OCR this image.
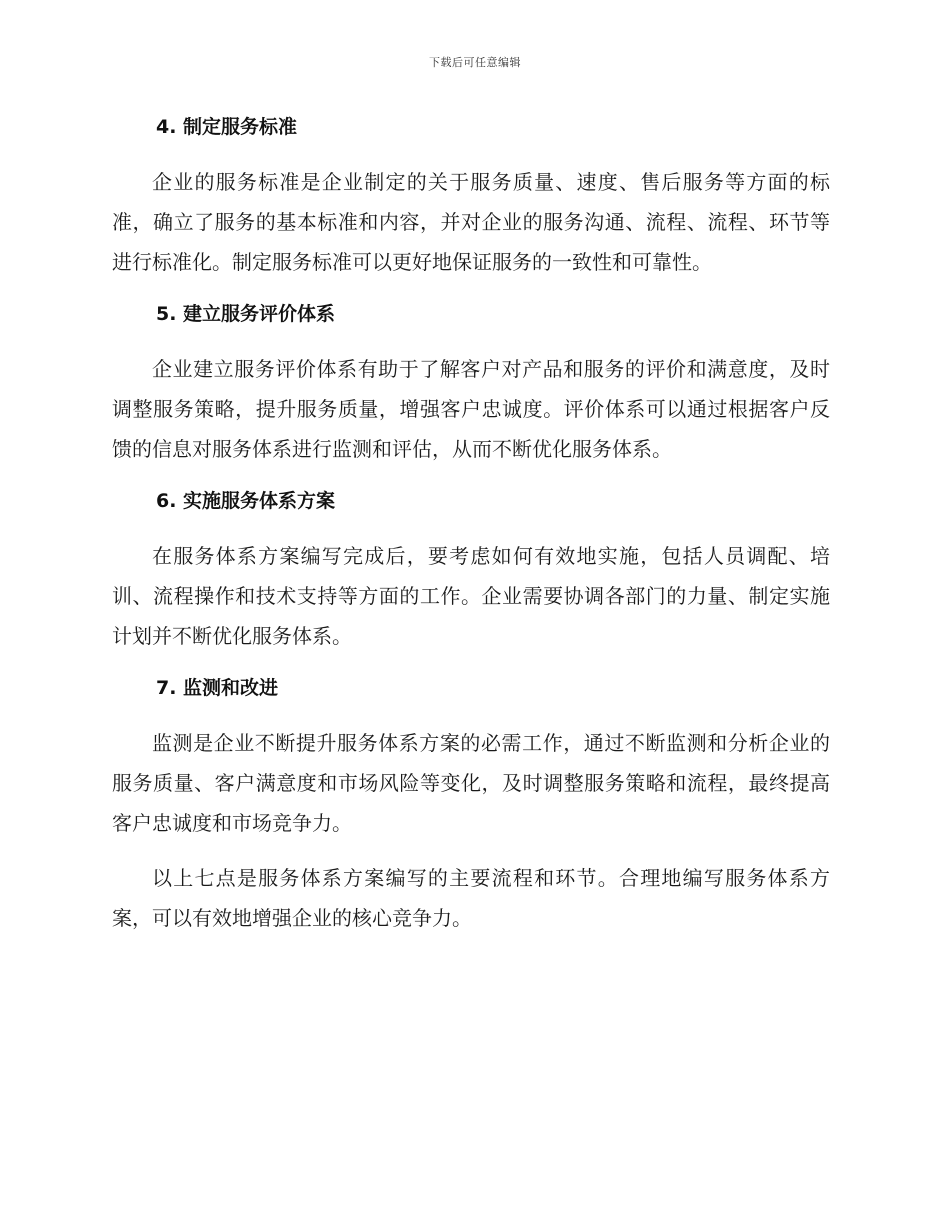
下载后可任意编辑
4. 制定服务标准

企业的服务标准是企业制定的关于服务质量、速度、售后服务等方面的标准，确立了服务的基本标准和内容，并对企业的服务沟通、流程、流程、环节等进行标准化。制定服务标准可以更好地保证服务的一致性和可靠性。

5. 建立服务评价体系

企业建立服务评价体系有助于了解客户对产品和服务的评价和满意度，及时调整服务策略，提升服务质量，增强客户忠诚度。评价体系可以通过根据客户反馈的信息对服务体系进行监测和评估，从而不断优化服务体系。

6. 实施服务体系方案

在服务体系方案编写完成后，要考虑如何有效地实施，包括人员调配、培训、流程操作和技术支持等方面的工作。企业需要协调各部门的力量、制定实施计划并不断优化服务体系。

7. 监测和改进

监测是企业不断提升服务体系方案的必需工作，通过不断监测和分析企业的服务质量、客户满意度和市场风险等变化，及时调整服务策略和流程，最终提高客户忠诚度和市场竞争力。

以上七点是服务体系方案编写的主要流程和环节。合理地编写服务体系方案，可以有效地增强企业的核心竞争力。
